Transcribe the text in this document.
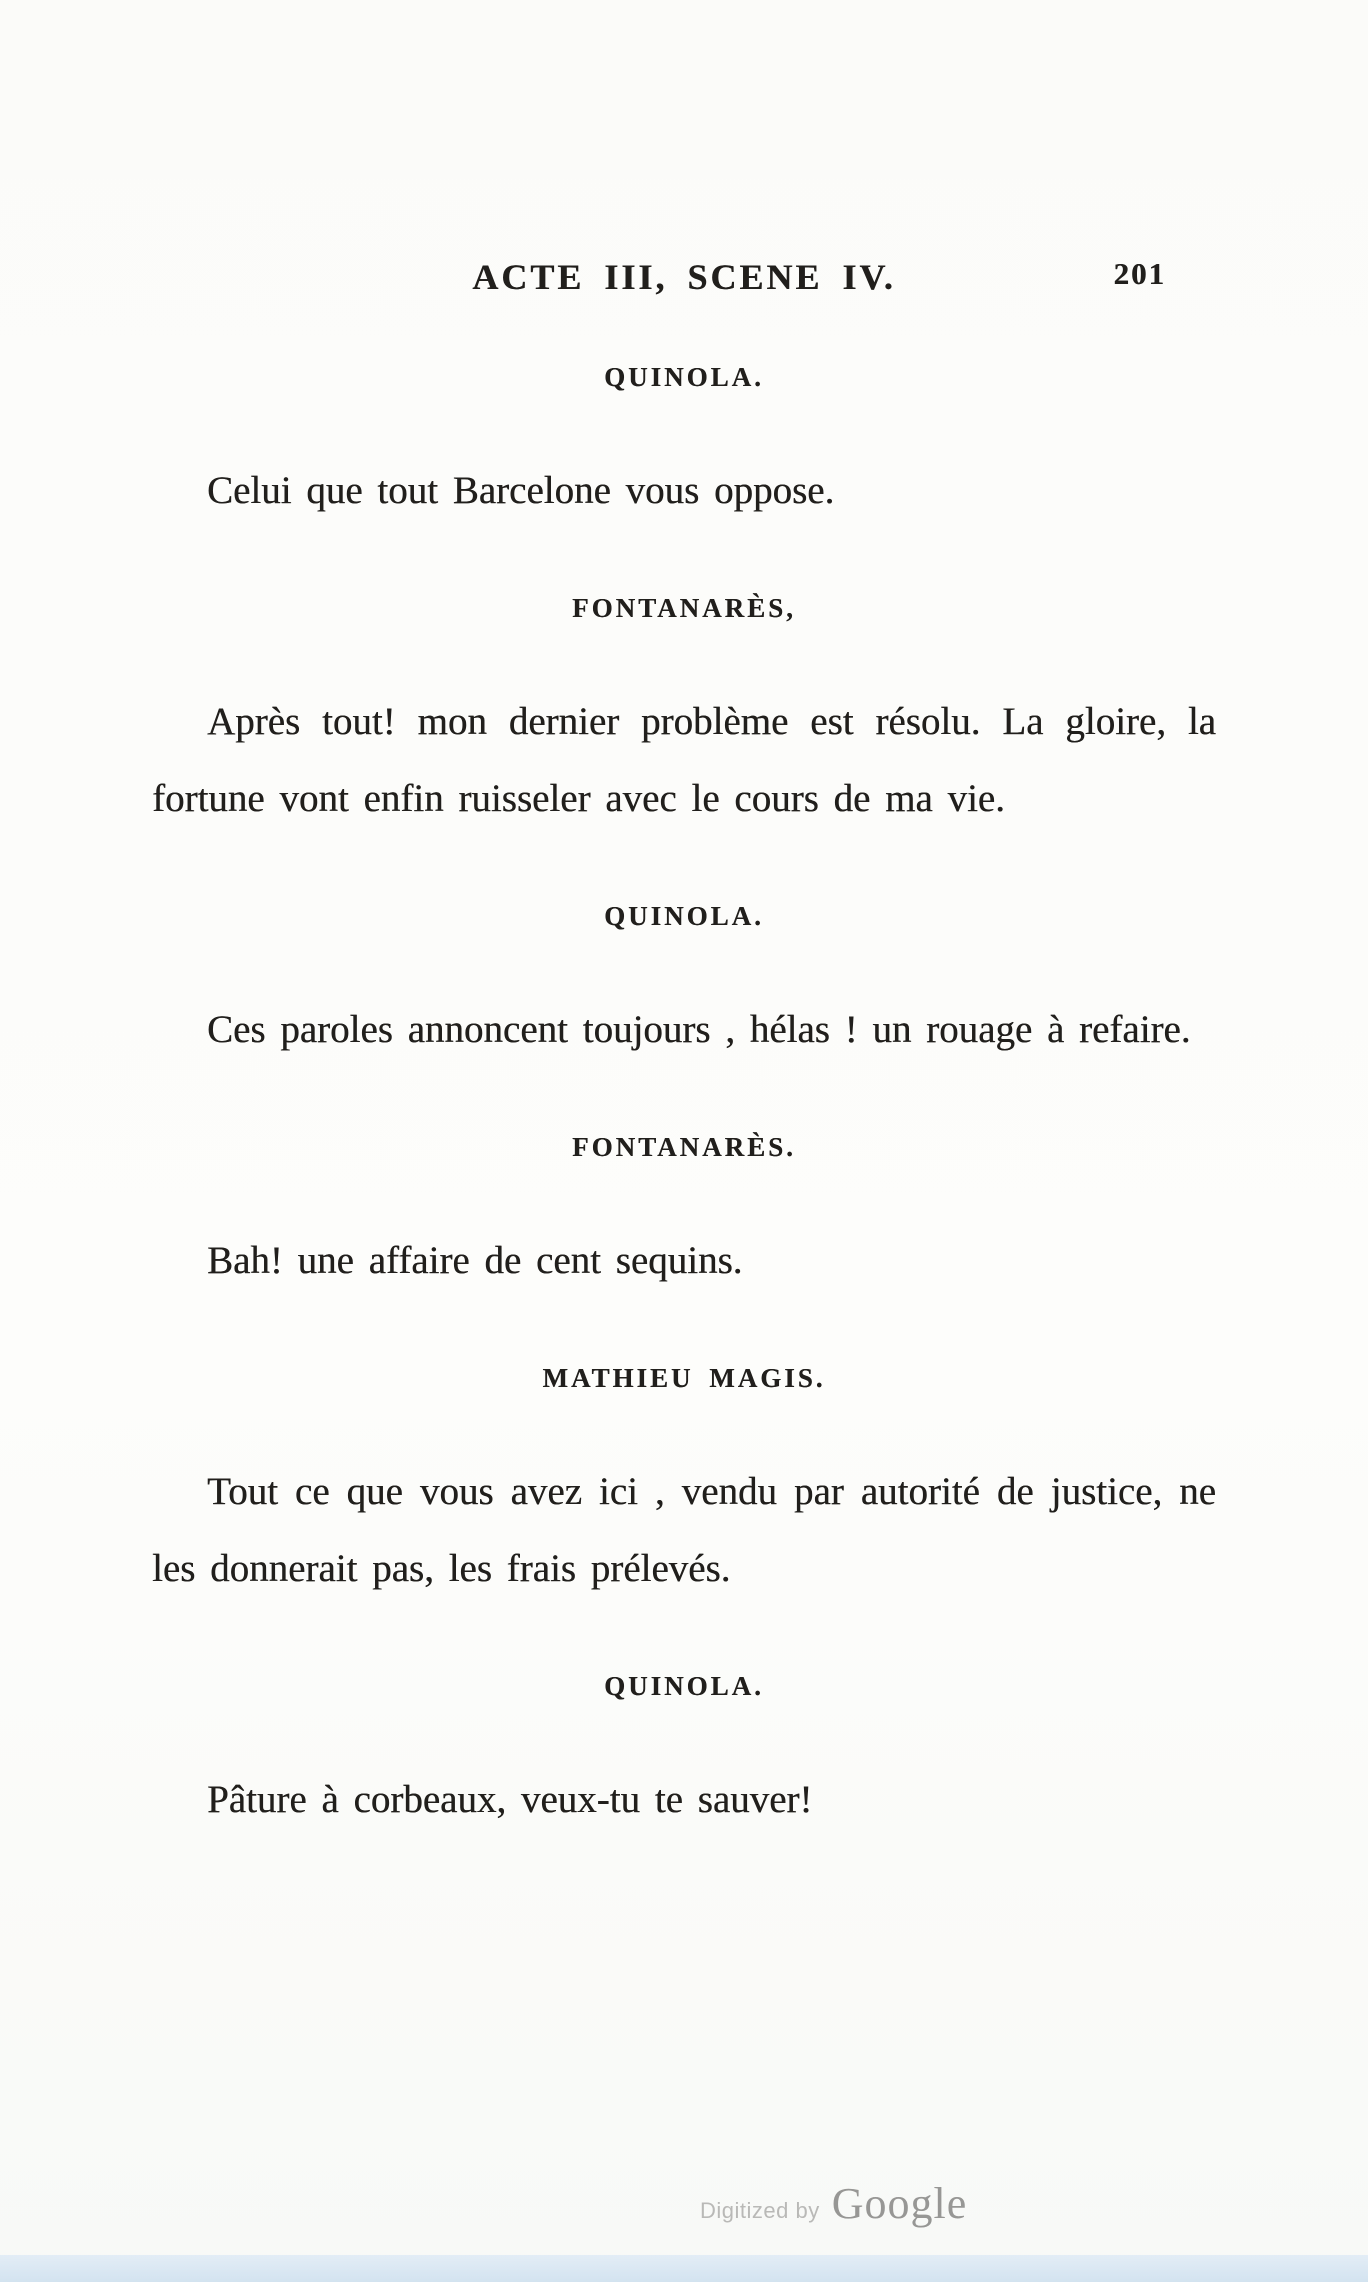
ACTE III, SCENE IV.	201
QUINOLA.

Celui que tout Barcelone vous oppose.

FONTANARÈS,

Après tout! mon dernier problème est résolu. La gloire, la fortune vont enfin ruisseler avec le cours de ma vie.

QUINOLA.

Ces paroles annoncent toujours , hélas ! un rouage à refaire.

FONTANARÈS.

Bah! une affaire de cent sequins.

MATHIEU MAGIS.

Tout ce que vous avez ici , vendu par autorité de justice, ne les donnerait pas, les frais prélevés.

QUINOLA.

Pâture à corbeaux, veux-tu te sauver!

Digitized by Google
